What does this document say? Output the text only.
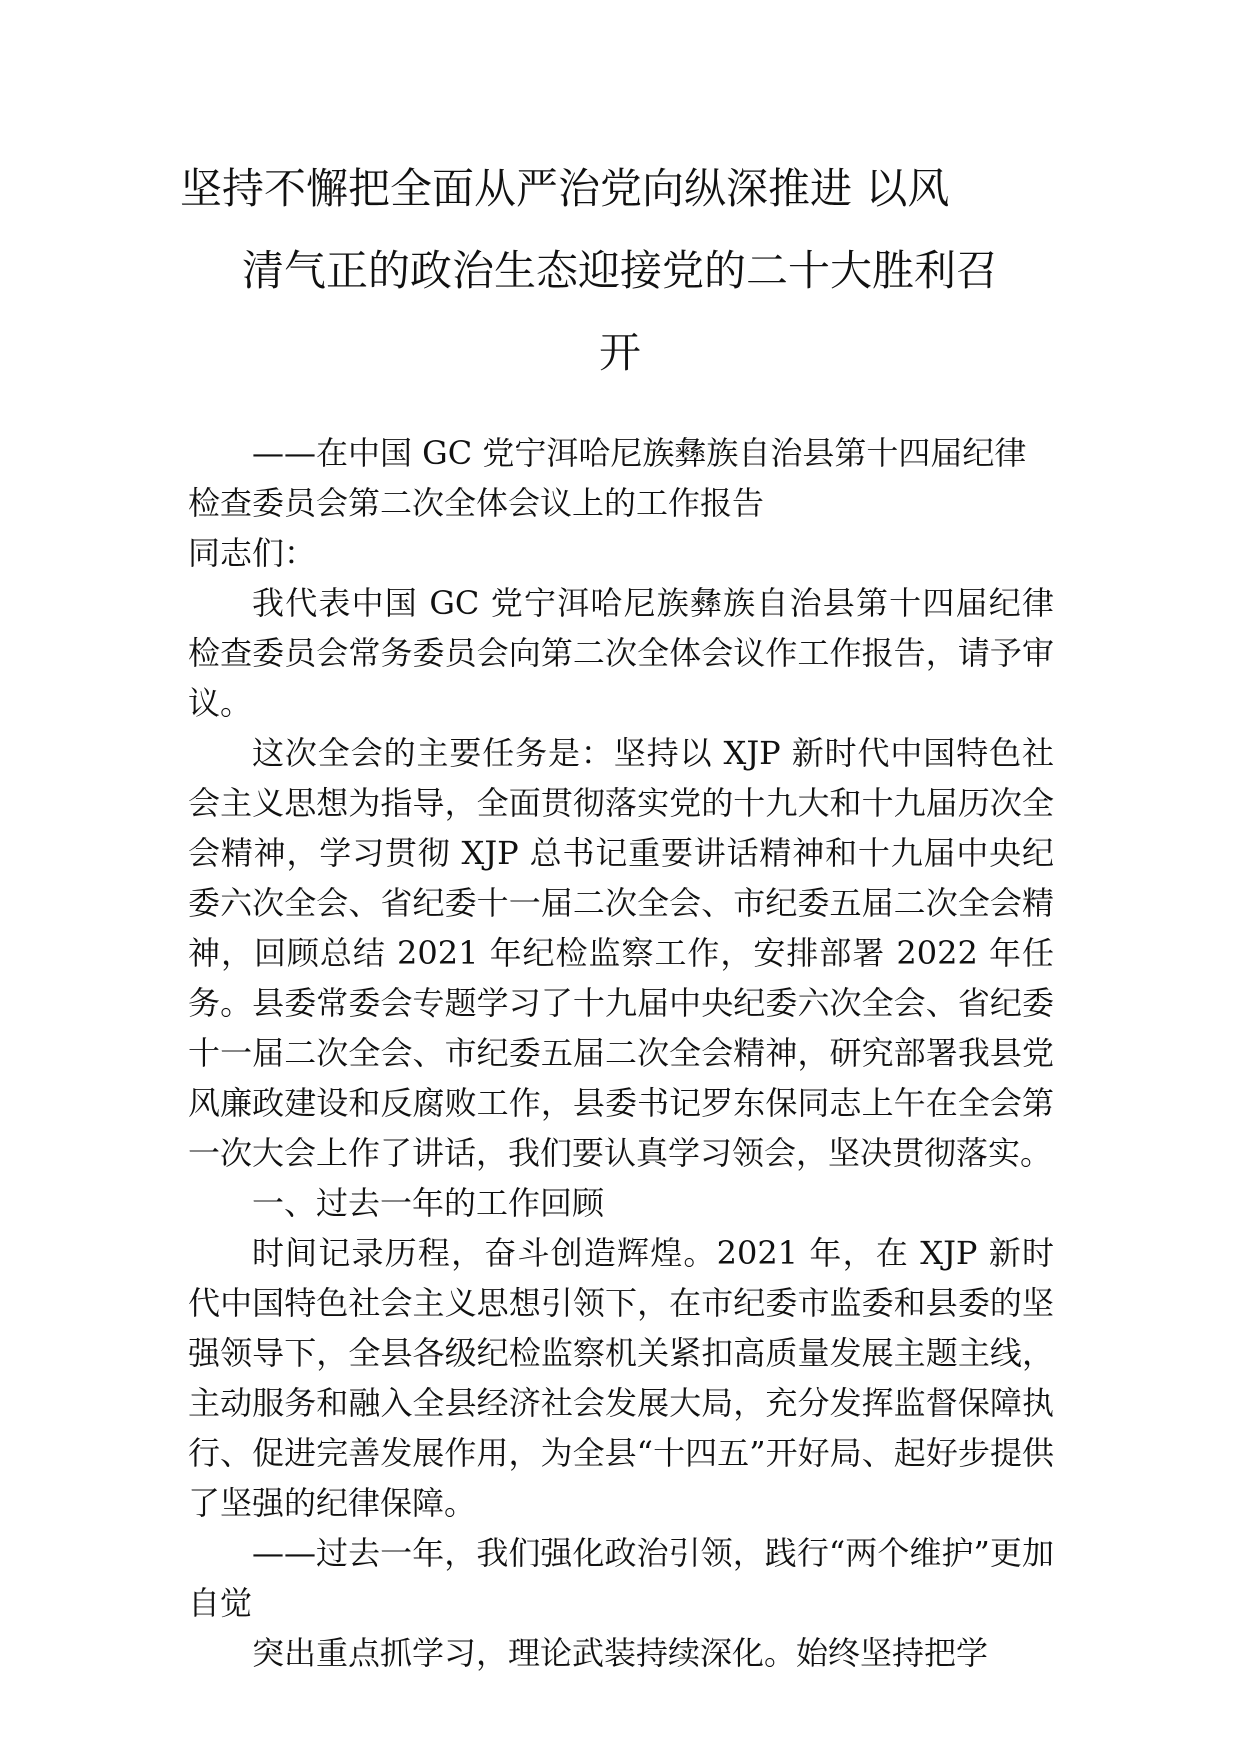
坚持不懈把全面从严治党向纵深推进 以风
清气正的政治生态迎接党的二十大胜利召
开

——在中国 GC 党宁洱哈尼族彝族自治县第十四届纪律检查委员会第二次全体会议上的工作报告

同志们：

我代表中国 GC 党宁洱哈尼族彝族自治县第十四届纪律检查委员会常务委员会向第二次全体会议作工作报告，请予审议。

这次全会的主要任务是：坚持以 XJP 新时代中国特色社会主义思想为指导，全面贯彻落实党的十九大和十九届历次全会精神，学习贯彻 XJP 总书记重要讲话精神和十九届中央纪委六次全会、省纪委十一届二次全会、市纪委五届二次全会精神，回顾总结 2021 年纪检监察工作，安排部署 2022 年任务。县委常委会专题学习了十九届中央纪委六次全会、省纪委十一届二次全会、市纪委五届二次全会精神，研究部署我县党风廉政建设和反腐败工作，县委书记罗东保同志上午在全会第一次大会上作了讲话，我们要认真学习领会，坚决贯彻落实。

一、过去一年的工作回顾

时间记录历程，奋斗创造辉煌。2021 年，在 XJP 新时代中国特色社会主义思想引领下，在市纪委市监委和县委的坚强领导下，全县各级纪检监察机关紧扣高质量发展主题主线，主动服务和融入全县经济社会发展大局，充分发挥监督保障执行、促进完善发展作用，为全县“十四五”开好局、起好步提供了坚强的纪律保障。

——过去一年，我们强化政治引领，践行“两个维护”更加自觉

突出重点抓学习，理论武装持续深化。始终坚持把学
